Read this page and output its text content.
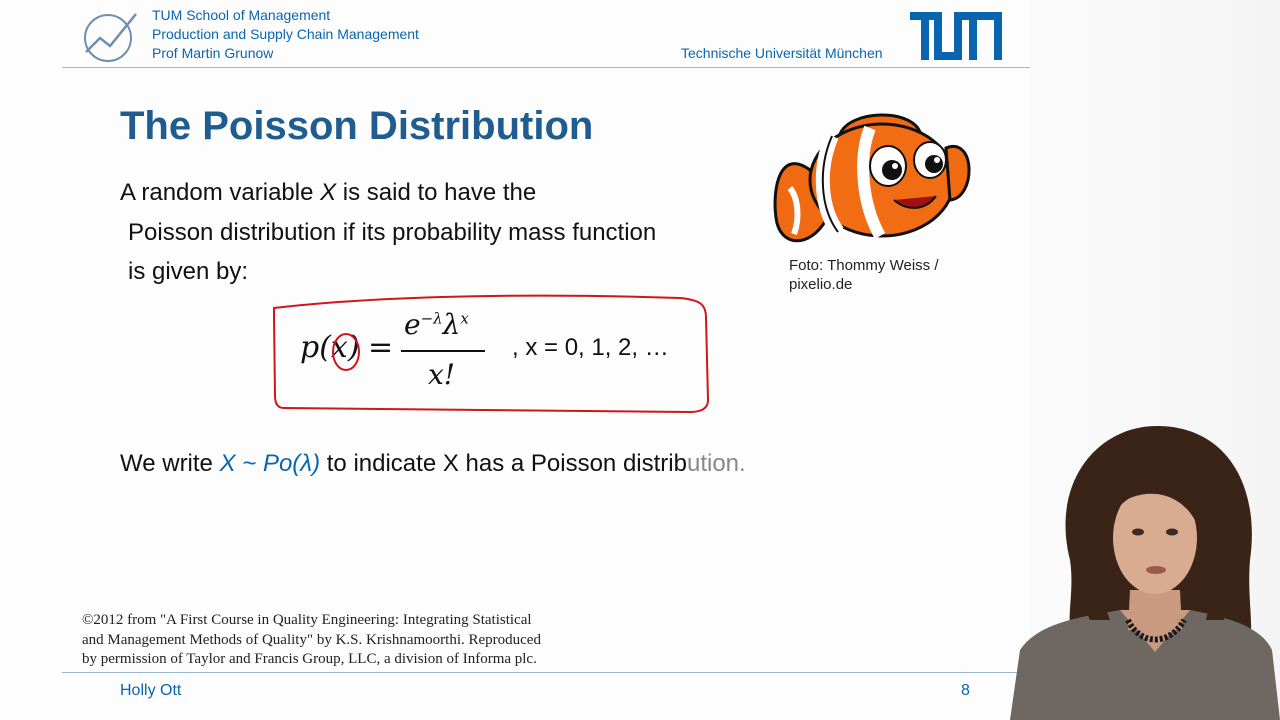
TUM School of Management
Production and Supply Chain Management
Prof Martin Grunow	Technische Universität München
The Poisson Distribution
A random variable X is said to have the
Poisson distribution if its probability mass function
is given by:
p(x) =
$e^{-\lambda}\lambda^x$
x!
, x = 0, 1, 2, …
We write X ~ Po(λ) to indicate X has a Poisson distribution.
Foto: Thommy Weiss /
pixelio.de
©2012 from "A First Course in Quality Engineering: Integrating Statistical
and Management Methods of Quality" by K.S. Krishnamoorthi. Reproduced
by permission of Taylor and Francis Group, LLC, a division of Informa plc.
Holly Ott	8
